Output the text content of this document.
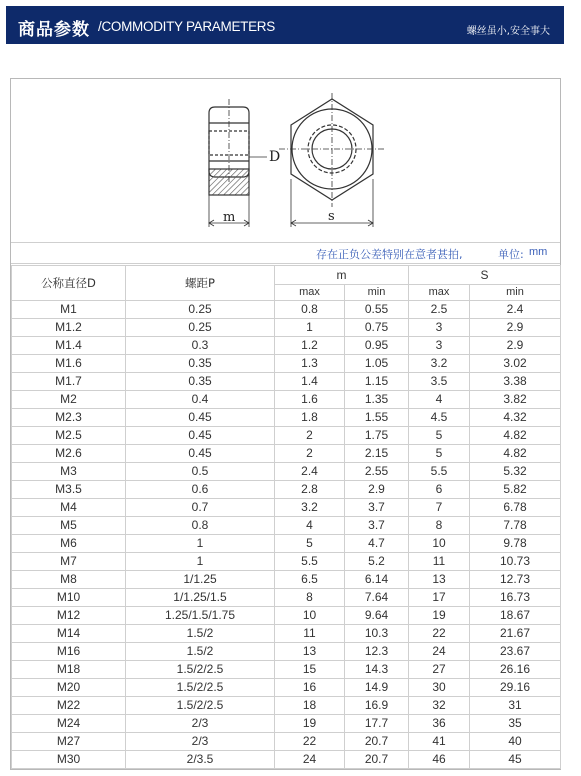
商品参数 /COMMODITY PARAMETERS	螺丝虽小,安全事大
D
m	s
存在正负公差特别在意者甚拍,	单位: mm
公称直径D	螺距P	m		S	
		max	min	max	min
M1	0.25	0.8	0.55	2.5	2.4
M1.2	0.25	1	0.75	3	2.9
M1.4	0.3	1.2	0.95	3	2.9
M1.6	0.35	1.3	1.05	3.2	3.02
M1.7	0.35	1.4	1.15	3.5	3.38
M2	0.4	1.6	1.35	4	3.82
M2.3	0.45	1.8	1.55	4.5	4.32
M2.5	0.45	2	1.75	5	4.82
M2.6	0.45	2	2.15	5	4.82
M3	0.5	2.4	2.55	5.5	5.32
M3.5	0.6	2.8	2.9	6	5.82
M4	0.7	3.2	3.7	7	6.78
M5	0.8	4	3.7	8	7.78
M6	1	5	4.7	10	9.78
M7	1	5.5	5.2	11	10.73
M8	1/1.25	6.5	6.14	13	12.73
M10	1/1.25/1.5	8	7.64	17	16.73
M12	1.25/1.5/1.75	10	9.64	19	18.67
M14	1.5/2	11	10.3	22	21.67
M16	1.5/2	13	12.3	24	23.67
M18	1.5/2/2.5	15	14.3	27	26.16
M20	1.5/2/2.5	16	14.9	30	29.16
M22	1.5/2/2.5	18	16.9	32	31
M24	2/3	19	17.7	36	35
M27	2/3	22	20.7	41	40
M30	2/3.5	24	20.7	46	45
